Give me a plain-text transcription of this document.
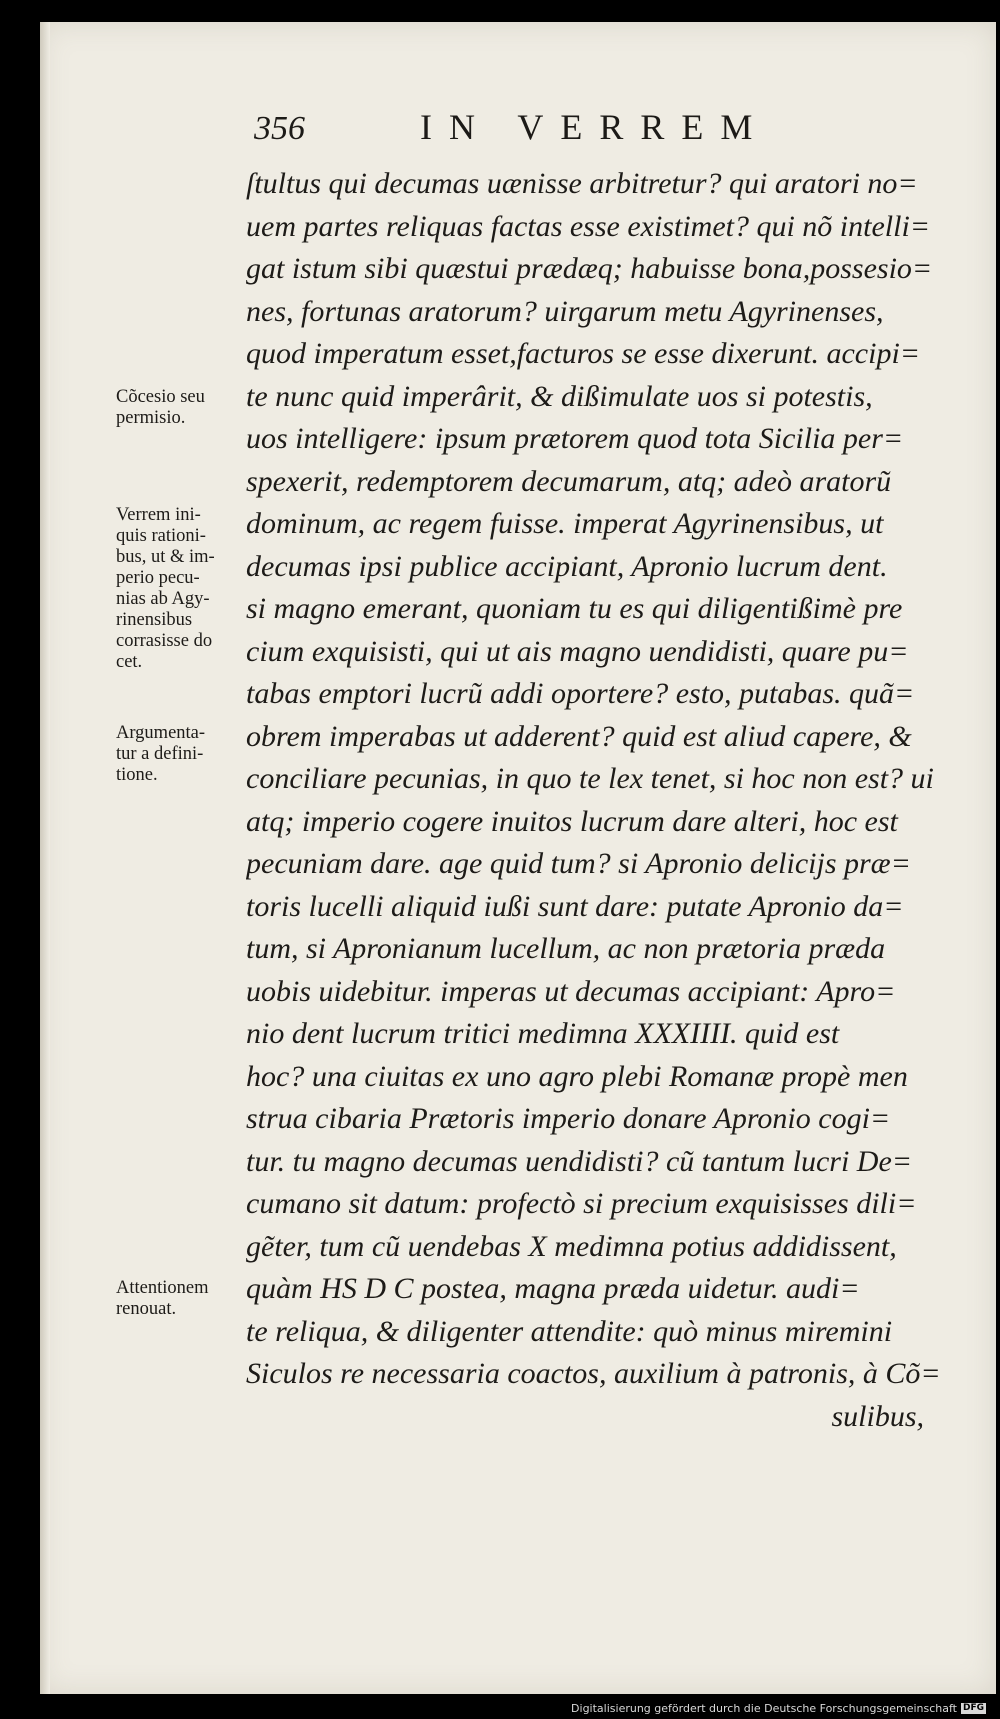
356	IN VERREM
ſtultus qui decumas uænisse arbitretur? qui aratori no=
uem partes reliquas factas esse existimet? qui nõ intelli=
gat istum sibi quæstui prædæq; habuisse bona,possesio=
nes, fortunas aratorum? uirgarum metu Agyrinenses,
quod imperatum esset,facturos se esse dixerunt. accipi=
te nunc quid imperârit, & dißimulate uos si potestis,
uos intelligere: ipsum prætorem quod tota Sicilia per=
spexerit, redemptorem decumarum, atq; adeò aratorũ
dominum, ac regem fuisse. imperat Agyrinensibus, ut
decumas ipsi publice accipiant, Apronio lucrum dent.
si magno emerant, quoniam tu es qui diligentißimè pre
cium exquisisti, qui ut ais magno uendidisti, quare pu=
tabas emptori lucrũ addi oportere? esto, putabas. quã=
obrem imperabas ut adderent? quid est aliud capere, &
conciliare pecunias, in quo te lex tenet, si hoc non est? ui
atq; imperio cogere inuitos lucrum dare alteri, hoc est
pecuniam dare. age quid tum? si Apronio delicijs præ=
toris lucelli aliquid iußi sunt dare: putate Apronio da=
tum, si Apronianum lucellum, ac non prætoria præda
uobis uidebitur. imperas ut decumas accipiant: Apro=
nio dent lucrum tritici medimna XXXIIII. quid est
hoc? una ciuitas ex uno agro plebi Romanæ propè men
strua cibaria Prætoris imperio donare Apronio cogi=
tur. tu magno decumas uendidisti? cũ tantum lucri De=
cumano sit datum: profectò si precium exquisisses dili=
gẽter, tum cũ uendebas X medimna potius addidissent,
quàm HS D C postea, magna præda uidetur. audi=
te reliqua, & diligenter attendite: quò minus miremini
Siculos re necessaria coactos, auxilium à patronis, à Cõ=
sulibus,

Cõcesio seu
permisio.

Verrem ini-
quis rationi-
bus, ut & im-
perio pecu-
nias ab Agy-
rinensibus
corrasisse do
cet.

Argumenta-
tur a defini-
tione.

Attentionem
renouat.

Digitalisierung gefördert durch die Deutsche Forschungsgemeinschaft DFG
